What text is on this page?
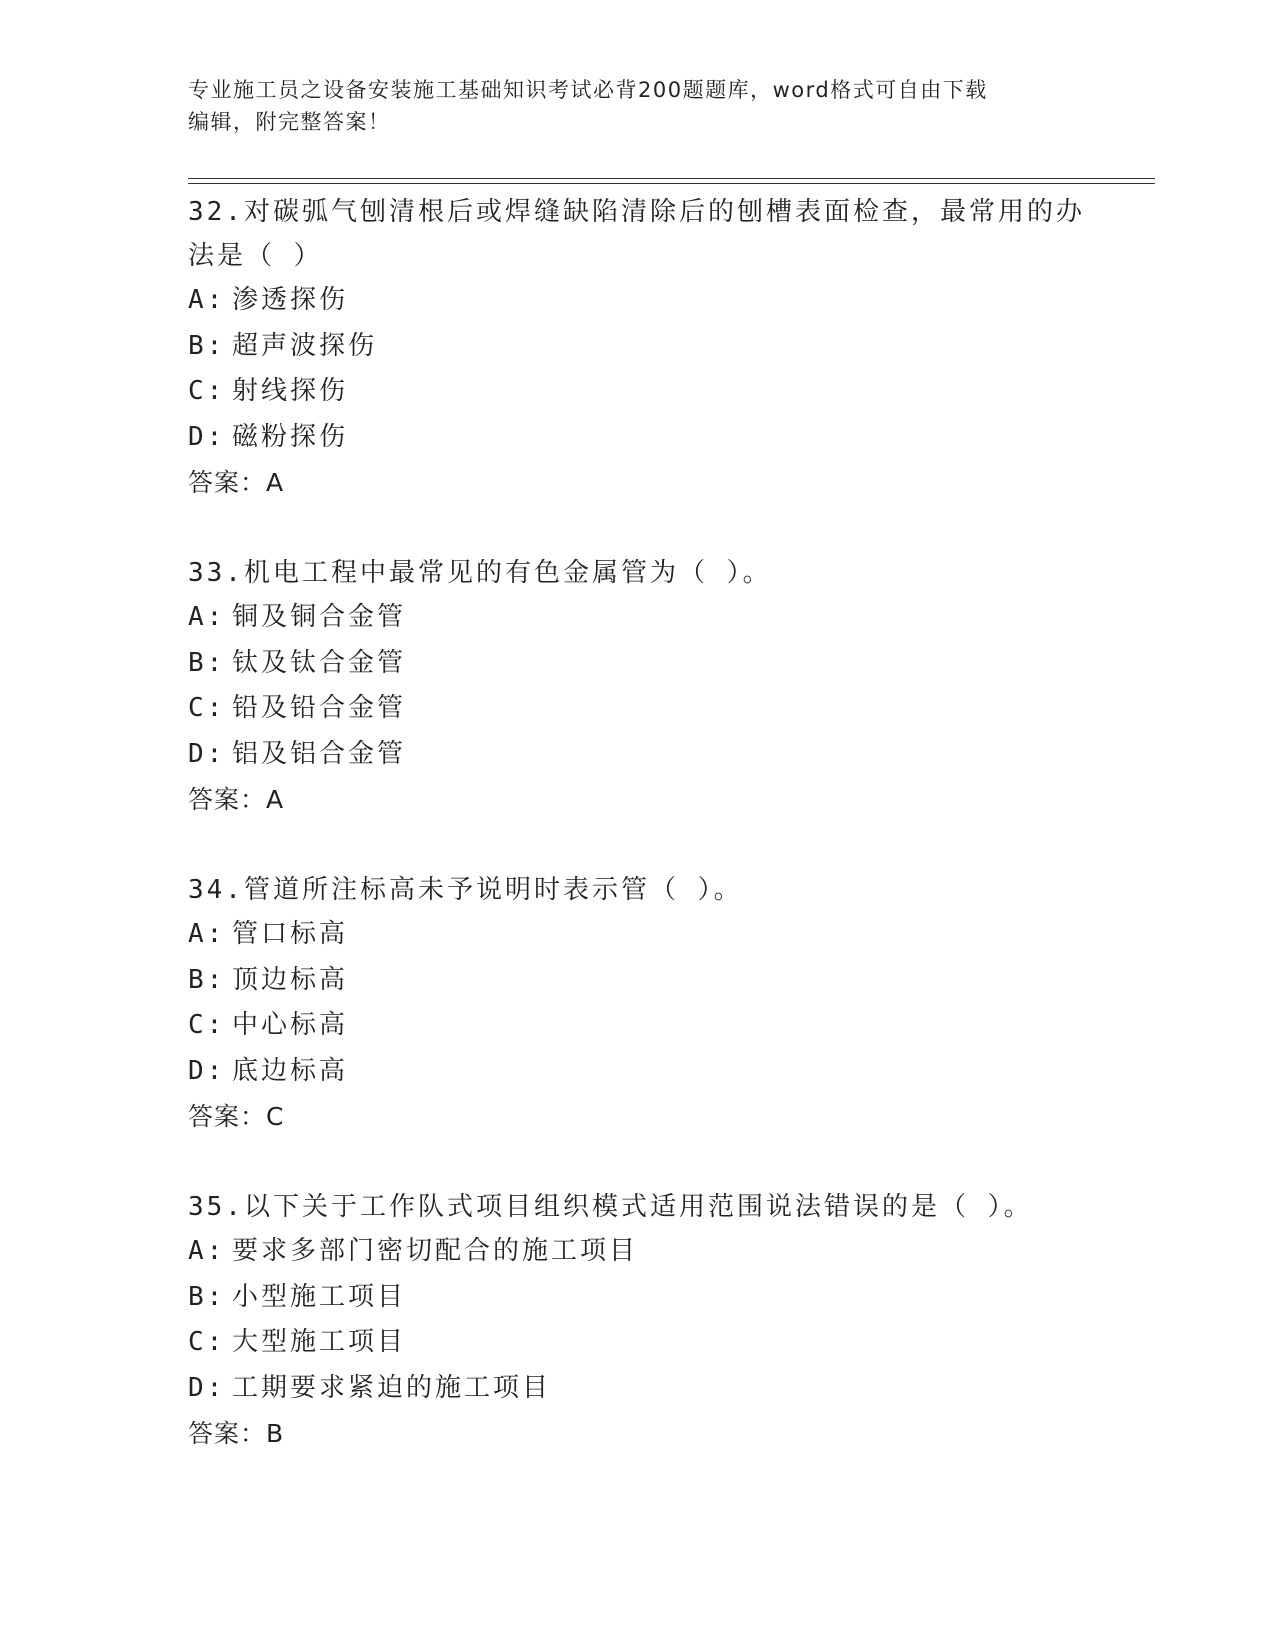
专业施工员之设备安装施工基础知识考试必背200题题库，word格式可自由下载
编辑，附完整答案！
32.对碳弧气刨清根后或焊缝缺陷清除后的刨槽表面检查，最常用的办
法是（ ）
A: 渗透探伤
B: 超声波探伤
C: 射线探伤
D: 磁粉探伤
答案：A
33.机电工程中最常见的有色金属管为（ ）。
A: 铜及铜合金管
B: 钛及钛合金管
C: 铅及铅合金管
D: 铝及铝合金管
答案：A
34.管道所注标高未予说明时表示管（ ）。
A: 管口标高
B: 顶边标高
C: 中心标高
D: 底边标高
答案：C
35.以下关于工作队式项目组织模式适用范围说法错误的是（ ）。
A: 要求多部门密切配合的施工项目
B: 小型施工项目
C: 大型施工项目
D: 工期要求紧迫的施工项目
答案：B
